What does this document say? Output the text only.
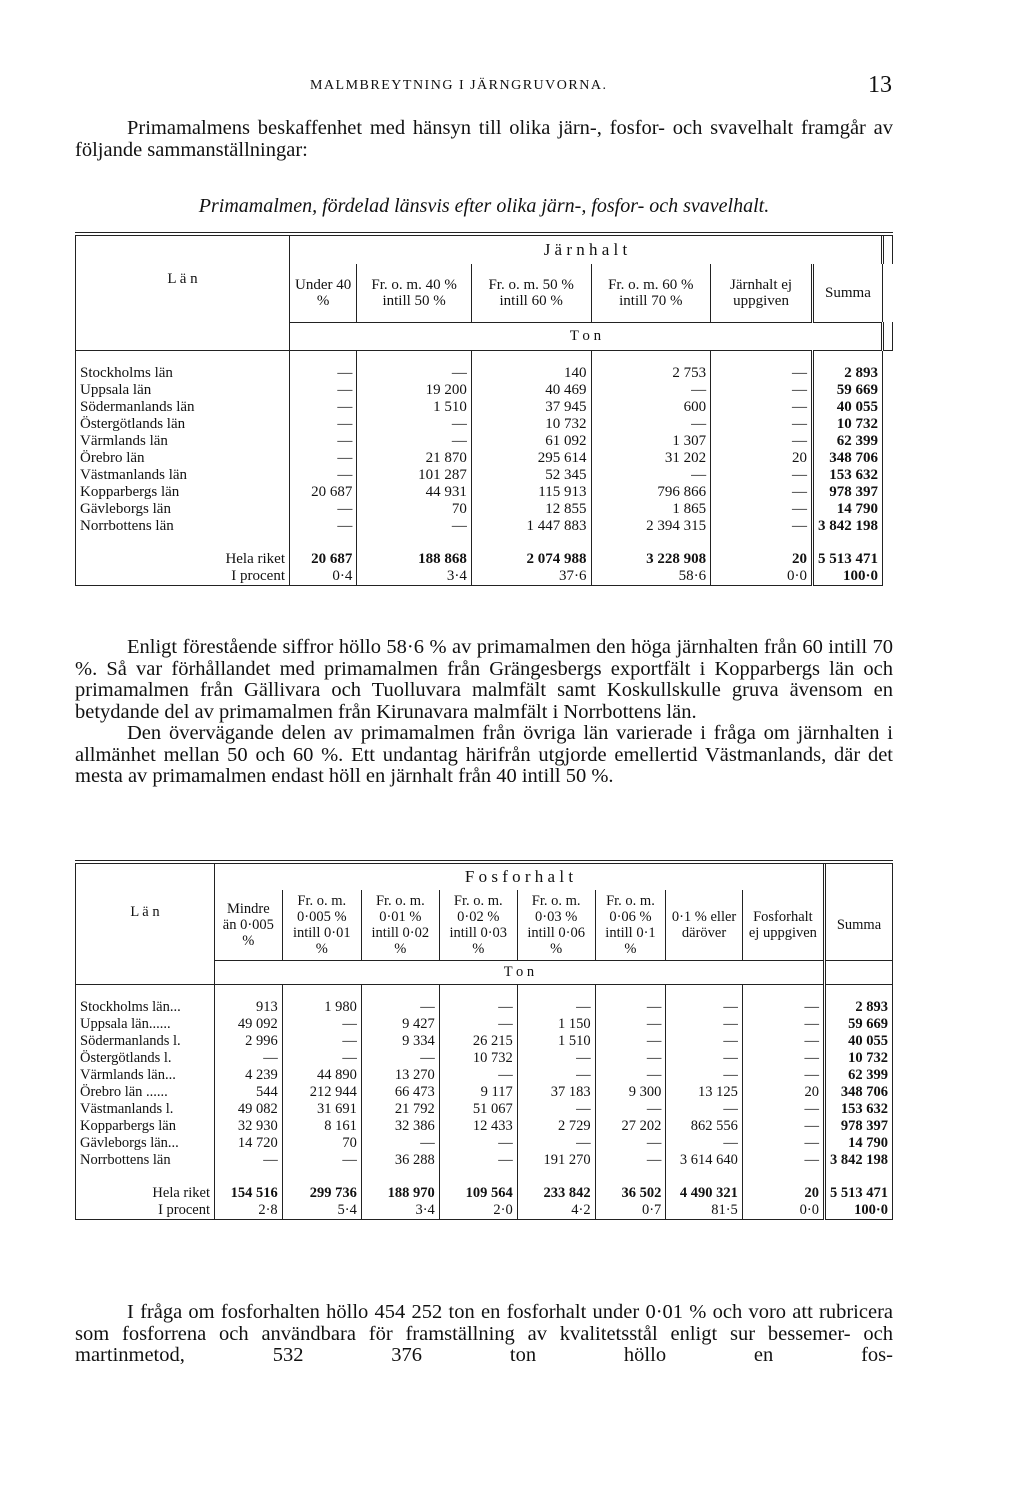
MALMBREYTNING I JÄRNGRUVORNA.	13

Primamalmens beskaffenhet med hänsyn till olika järn-, fosfor- och svavelhalt framgår av följande sammanställningar:

Primamalmen, fördelad länsvis efter olika järn-, fosfor- och svavelhalt.
L ä n	J ä r n h a l t						
	Under 40 %	Fr. o. m. 40 % intill 50 %	Fr. o. m. 50 % intill 60 %	Fr. o. m. 60 % intill 70 %	Järnhalt ej uppgiven	Summa	
	T o n						
Stockholms län	—	—	140	2 753	—	2 893	
Uppsala län	—	19 200	40 469	—	—	59 669	
Södermanlands län	—	1 510	37 945	600	—	40 055	
Östergötlands län	—	—	10 732	—	—	10 732	
Värmlands län	—	—	61 092	1 307	—	62 399	
Örebro län	—	21 870	295 614	31 202	20	348 706	
Västmanlands län	—	101 287	52 345	—	—	153 632	
Kopparbergs län	20 687	44 931	115 913	796 866	—	978 397	
Gävleborgs län	—	70	12 855	1 865	—	14 790	
Norrbottens län	—	—	1 447 883	2 394 315	—	3 842 198	
Hela riket	20 687	188 868	2 074 988	3 228 908	20	5 513 471	
I procent	0·4	3·4	37·6	58·6	0·0	100·0	

Enligt förestående siffror höllo 58·6 % av primamalmen den höga järnhalten från 60 intill 70 %. Så var förhållandet med primamalmen från Grängesbergs exportfält i Kopparbergs län och primamalmen från Gällivara och Tuolluvara malmfält samt Koskullskulle gruva ävensom en betydande del av primamalmen från Kirunavara malmfält i Norrbottens län.

Den övervägande delen av primamalmen från övriga län varierade i fråga om järnhalten i allmänhet mellan 50 och 60 %. Ett undantag härifrån utgjorde emellertid Västmanlands, där det mesta av primamalmen endast höll en järnhalt från 40 intill 50 %.

L ä n	F o s f o r h a l t								
	Mindre än 0·005 %	Fr. o. m. 0·005 % intill 0·01 %	Fr. o. m. 0·01 % intill 0·02 %	Fr. o. m. 0·02 % intill 0·03 %	Fr. o. m. 0·03 % intill 0·06 %	Fr. o. m. 0·06 % intill 0·1 %	0·1 % eller däröver	Fosforhalt ej uppgiven	Summa
	T o n								
Stockholms län...	913	1 980	—	—	—	—	—	—	2 893
Uppsala län......	49 092	—	9 427	—	1 150	—	—	—	59 669
Södermanlands l.	2 996	—	9 334	26 215	1 510	—	—	—	40 055
Östergötlands l.	—	—	—	10 732	—	—	—	—	10 732
Värmlands län...	4 239	44 890	13 270	—	—	—	—	—	62 399
Örebro län ......	544	212 944	66 473	9 117	37 183	9 300	13 125	20	348 706
Västmanlands l.	49 082	31 691	21 792	51 067	—	—	—	—	153 632
Kopparbergs län	32 930	8 161	32 386	12 433	2 729	27 202	862 556	—	978 397
Gävleborgs län...	14 720	70	—	—	—	—	—	—	14 790
Norrbottens län	—	—	36 288	—	191 270	—	3 614 640	—	3 842 198
Hela riket	154 516	299 736	188 970	109 564	233 842	36 502	4 490 321	20	5 513 471
I procent	2·8	5·4	3·4	2·0	4·2	0·7	81·5	0·0	100·0

I fråga om fosforhalten höllo 454 252 ton en fosforhalt under 0·01 % och voro att rubricera som fosforrena och användbara för framställning av kvalitetsstål enligt sur bessemer- och martinmetod, 532 376 ton höllo en fos-
